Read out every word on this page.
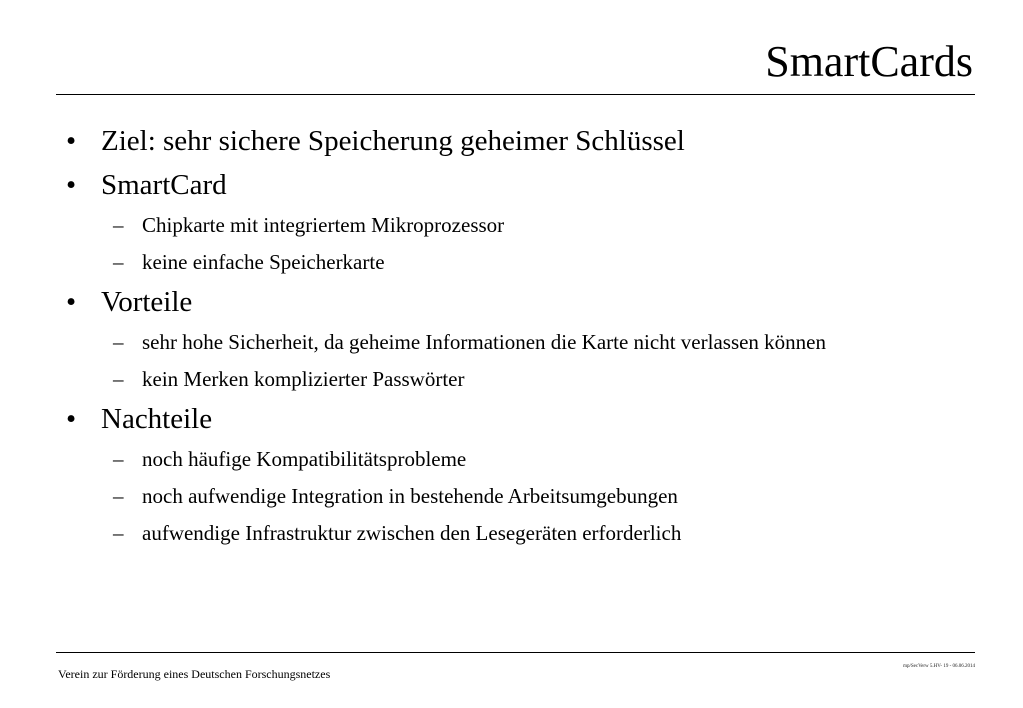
SmartCards
• Ziel: sehr sichere Speicherung geheimer Schlüssel
• SmartCard
– Chipkarte mit integriertem Mikroprozessor
– keine einfache Speicherkarte
• Vorteile
– sehr hohe Sicherheit, da geheime Informationen die Karte nicht verlassen können
– kein Merken komplizierter Passwörter
• Nachteile
– noch häufige Kompatibilitätsprobleme
– noch aufwendige Integration in bestehende Arbeitsumgebungen
– aufwendige Infrastruktur zwischen den Lesegeräten erforderlich
Verein zur Förderung eines Deutschen Forschungsnetzes
mp/SecVerw 5.HV- 19 - 06.06.2014
